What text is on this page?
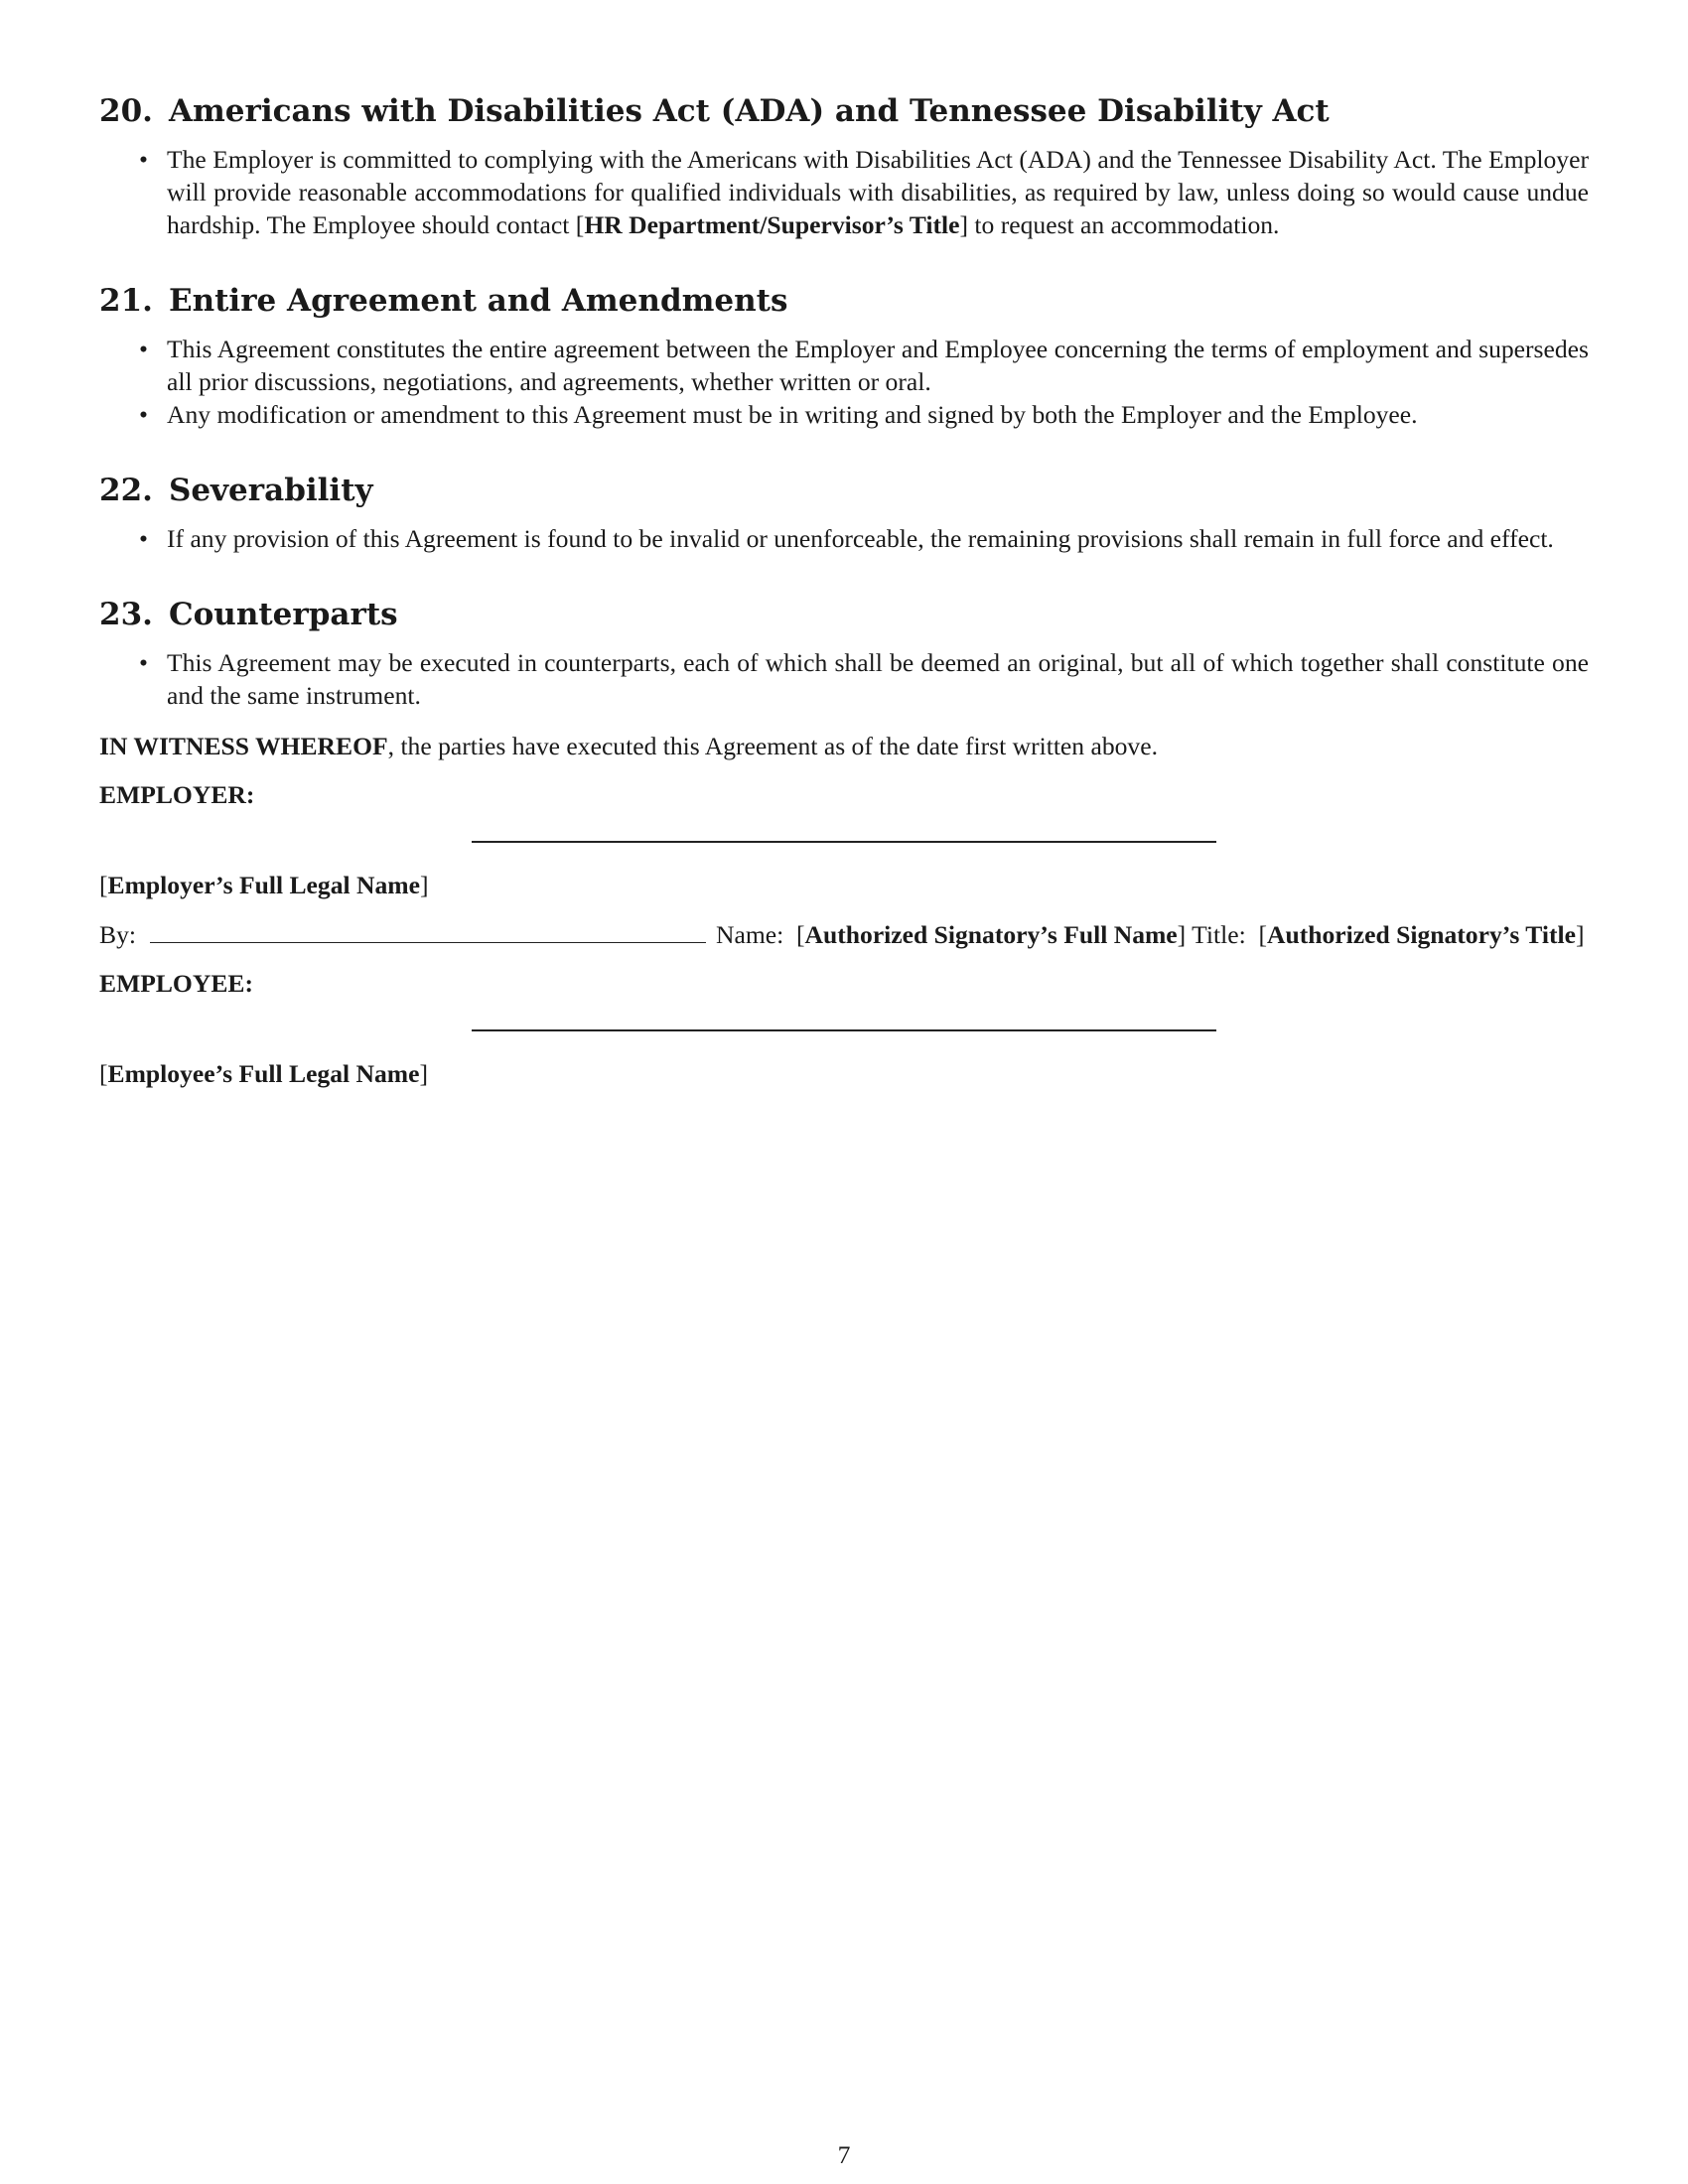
20. Americans with Disabilities Act (ADA) and Tennessee Disability Act
• The Employer is committed to complying with the Americans with Disabilities Act (ADA) and the Tennessee Disability Act. The Employer will provide reasonable accommodations for qualified individuals with disabilities, as required by law, unless doing so would cause undue hardship. The Employee should contact [HR Department/Supervisor’s Title] to request an accommodation.
21. Entire Agreement and Amendments
• This Agreement constitutes the entire agreement between the Employer and Employee concerning the terms of employment and supersedes all prior discussions, negotiations, and agreements, whether written or oral.
• Any modification or amendment to this Agreement must be in writing and signed by both the Employer and the Employee.
22. Severability
• If any provision of this Agreement is found to be invalid or unenforceable, the remaining provisions shall remain in full force and effect.
23. Counterparts
• This Agreement may be executed in counterparts, each of which shall be deemed an original, but all of which together shall constitute one and the same instrument.

IN WITNESS WHEREOF, the parties have executed this Agreement as of the date first written above.

EMPLOYER:

[Employer’s Full Legal Name]

By:	Name:  [Authorized Signatory’s Full Name] Title:  [Authorized Signatory’s Title]

EMPLOYEE:

[Employee’s Full Legal Name]

7
